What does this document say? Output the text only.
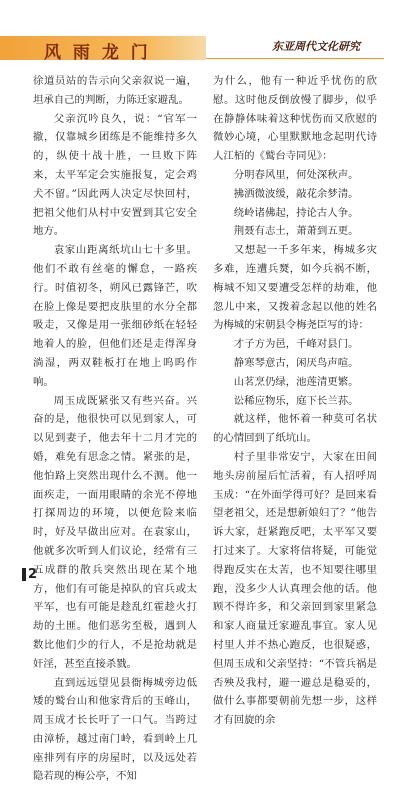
风 雨 龙 门	东亚周代文化研究

徐道员站的告示向父亲叙说一遍，坦承自己的判断，力陈迁家避乱。

父亲沉吟良久，说：“官军一撤，仅靠城乡团练是不能维持多久的，纵使十战十胜，一旦败下阵来，太平军定会实施报复，定会鸡犬不留。”因此两人决定尽快回村，把祖父他们从村中安置到其它安全地方。

袁家山距离纸坑山七十多里。他们不敢有丝毫的懈怠，一路疾行。时值初冬，朔风已露锋芒，吹在脸上像是要把皮肤里的水分全都吸走，又像是用一张细砂纸在轻轻地着人的脸，但他们还是走得浑身淌湿，两双鞋板打在地上呜呜作响。

周玉成既紧张又有些兴奋。兴奋的是，他很快可以见到家人，可以见到妻子，他去年十二月才完的婚，难免有思念之情。紧张的是，他怕路上突然出现什么不测。他一面疾走，一面用眼睛的余光不停地打探周边的环境，以便危险来临时，好及早做出应对。在袁家山，他就多次听到人们议论，经常有三五成群的散兵突然出现在某个地方，他们有可能是掉队的官兵或太平军，也有可能是趁乱红霍趁火打劫的土匪。他们恶劣至极，遇到人数比他们少的行人，不是抢劫就是奸淫，甚至直接杀戮。

直到远远望见县衙梅城旁边低矮的鹫台山和他家背后的玉峰山，周玉成才长长吁了一口气。当跨过由漳桥，越过南门岭，看到岭上几座排列有序的房屋时，以及远处若隐若现的梅公亭，不知

为什么，他有一种近乎忧伤的欣慰。这时他反倒放慢了脚步，似乎在静静体味着这种忧伤而又欣慰的微妙心境，心里默默地念起明代诗人江栢的《鹫台寺同见》：

分明春风里，何处深秋声。

拂洒微波缓，敲花余梦清。

绕岭诸佛起，持论古人争。

荆聂有志土，萧萧到五更。

又想起一千多年来，梅城多灾多难，连遭兵燹，如今兵祸不断，梅城不知又要遭受怎样的劫难，他忽儿中来，又拨着念起以他的姓名为梅城的宋朝县令梅尧臣写的诗：

才子方为邑，千峰对县门。

静寒琴意古，闲厌鸟声喧。

山茗烹仍绿，池莲清更繁。

讼稀应物乐，庭下长兰荪。

就这样，他怀着一种莫可名状的心情回到了纸坑山。

村子里非常安宁，大家在田间地头房前屋后忙活着，有人招呼周玉成：“在外面学得可好？是回来看望老祖父，还是想新娘妇了？”他告诉大家，赶紧跑反吧，太平军又要打过来了。大家将信将疑，可能觉得跑反实在太苦，也不知要往哪里跑，没多少人认真理会他的话。他顾不得许多，和父亲回到家里紧急和家人商量迁家避乱事宜。家人见村里人并不热心跑反，也很疑惑，但周玉成和父亲坚持：“不管兵祸是否殃及我村，避一避总是稳妥的，做什么事都要朝前先想一步，这样才有回旋的余

2
